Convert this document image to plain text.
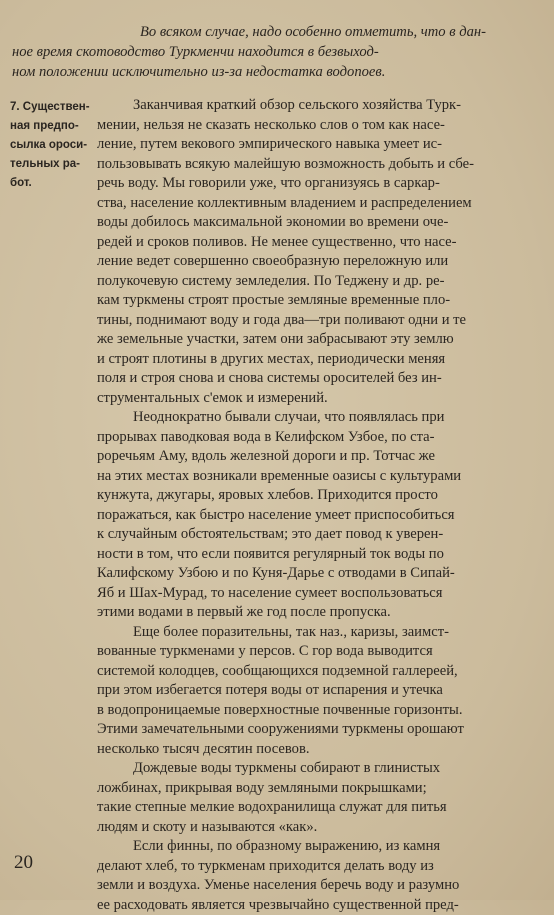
Во всяком случае, надо особенно отметить, что в дан-
ное время скотоводство Туркменчи находится в безвыход-
ном положении исключительно из-за недостатка водопоев.
7. Существен-
ная предпо-
сылка ороси-
тельных ра-
бот.
Заканчивая краткий обзор сельского хозяйства Турк-
мении, нельзя не сказать несколько слов о том как насе-
ление, путем векового эмпирического навыка умеет ис-
пользовывать всякую малейшую возможность добыть и сбе-
речь воду. Мы говорили уже, что организуясь в саркар-
ства, население коллективным владением и распределением
воды добилось максимальной экономии во времени оче-
редей и сроков поливов. Не менее существенно, что насе-
ление ведет совершенно своеобразную переложную или
полукочевую систему земледелия. По Теджену и др. ре-
кам туркмены строят простые земляные временные пло-
тины, поднимают воду и года два—три поливают одни и те
же земельные участки, затем они забрасывают эту землю
и строят плотины в других местах, периодически меняя
поля и строя снова и снова системы оросителей без ин-
струментальных с'емок и измерений.
Неоднократно бывали случаи, что появлялась при
прорывах паводковая вода в Келифском Узбое, по ста-
роречьям Аму, вдоль железной дороги и пр. Тотчас же
на этих местах возникали временные оазисы с культурами
кунжута, джугары, яровых хлебов. Приходится просто
поражаться, как быстро население умеет приспособиться
к случайным обстоятельствам; это дает повод к уверен-
ности в том, что если появится регулярный ток воды по
Калифскому Узбою и по Куня-Дарье с отводами в Сипай-
Яб и Шах-Мурад, то население сумеет воспользоваться
этими водами в первый же год после пропуска.
Еще более поразительны, так наз., каризы, заимст-
вованные туркменами у персов. С гор вода выводится
системой колодцев, сообщающихся подземной галлереей,
при этом избегается потеря воды от испарения и утечка
в водопроницаемые поверхностные почвенные горизонты.
Этими замечательными сооружениями туркмены орошают
несколько тысяч десятин посевов.
Дождевые воды туркмены собирают в глинистых
ложбинах, прикрывая воду земляными покрышками;
такие степные мелкие водохранилища служат для питья
людям и скоту и называются «как».
Если финны, по образному выражению, из камня
делают хлеб, то туркменам приходится делать воду из
земли и воздуха. Уменье населения беречь воду и разумно
ее расходовать является чрезвычайно существенной пред-
20
